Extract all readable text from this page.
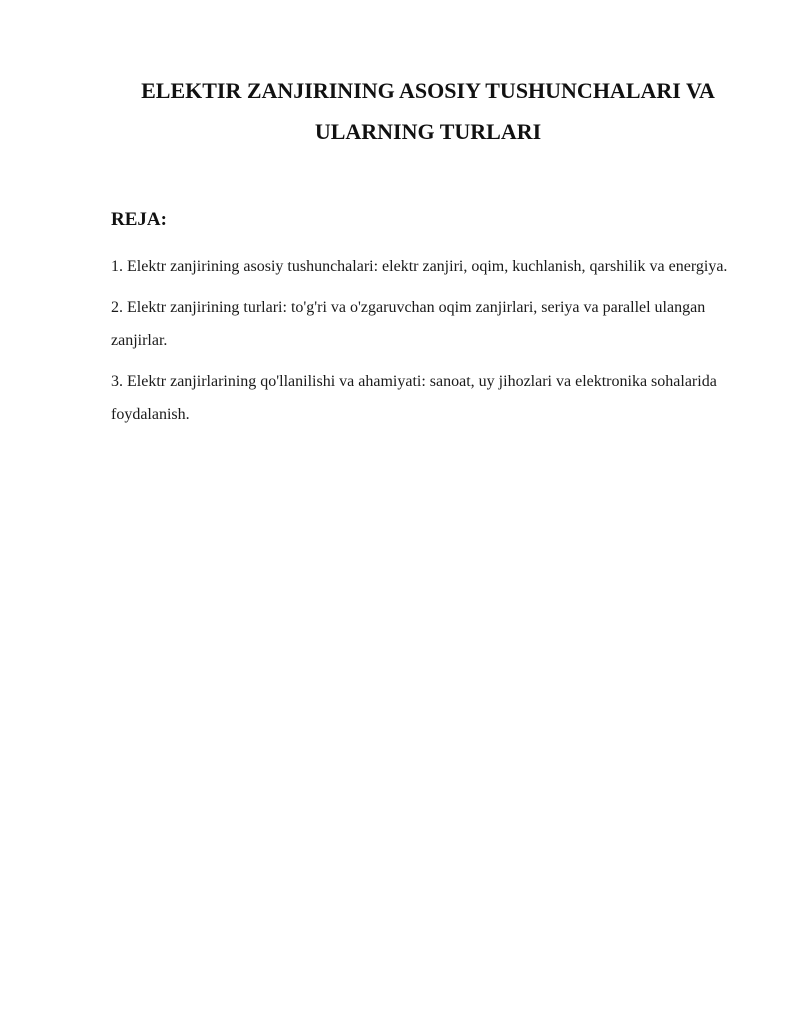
ELEKTIR ZANJIRINING ASOSIY TUSHUNCHALARI VA ULARNING TURLARI
REJA:
1. Elektr zanjirining asosiy tushunchalari: elektr zanjiri, oqim, kuchlanish, qarshilik va energiya.
2. Elektr zanjirining turlari: to'g'ri va o'zgaruvchan oqim zanjirlari, seriya va parallel ulangan zanjirlar.
3. Elektr zanjirlarining qo'llanilishi va ahamiyati: sanoat, uy jihozlari va elektronika sohalarida foydalanish.
